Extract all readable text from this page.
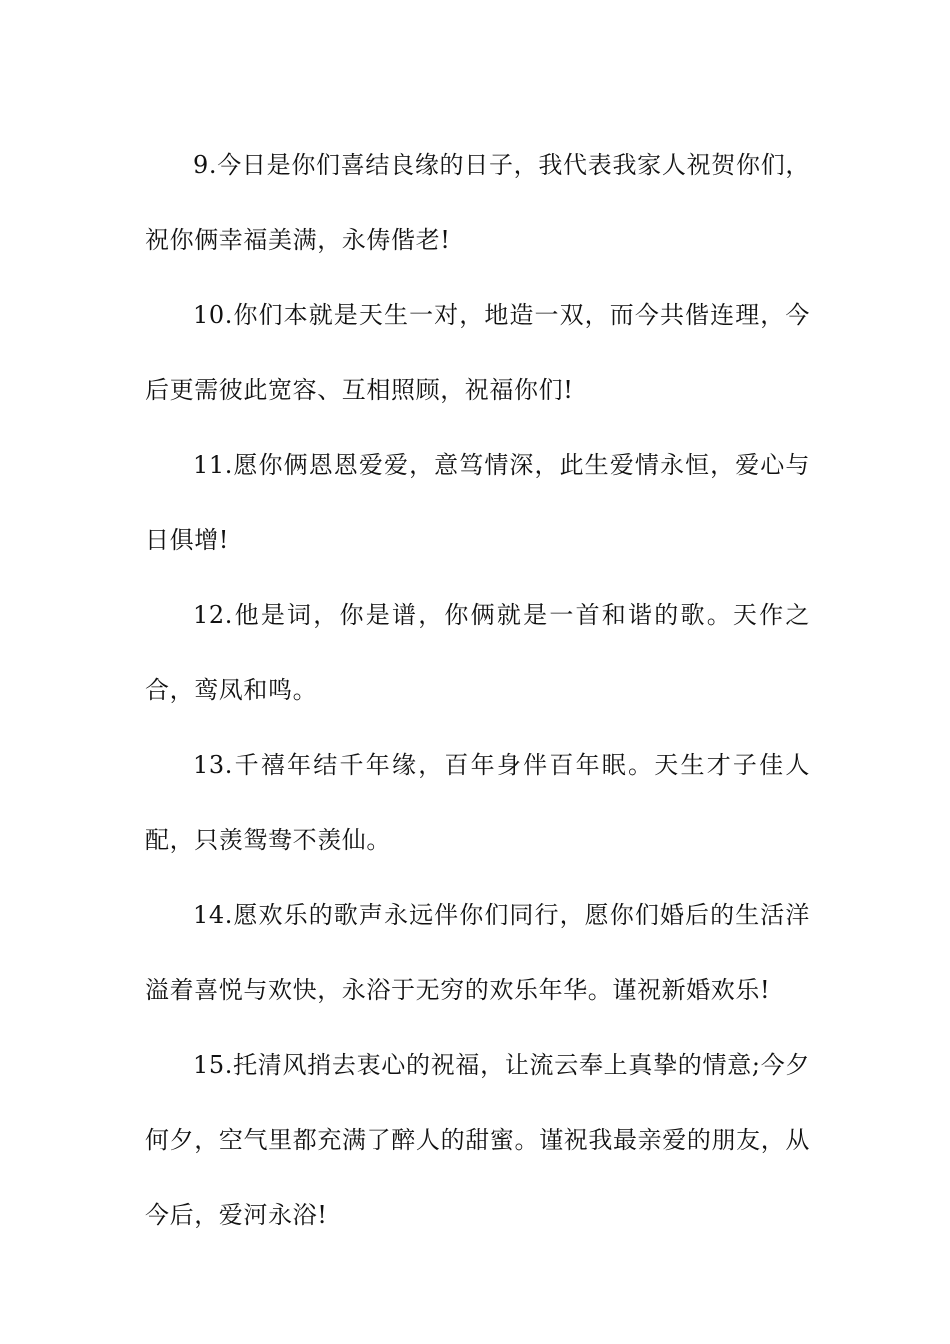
9.今日是你们喜结良缘的日子，我代表我家人祝贺你们，祝你俩幸福美满，永俦偕老!

10.你们本就是天生一对，地造一双，而今共偕连理，今后更需彼此宽容、互相照顾，祝福你们!

11.愿你俩恩恩爱爱，意笃情深，此生爱情永恒，爱心与日俱增!

12.他是词，你是谱，你俩就是一首和谐的歌。天作之合，鸾凤和鸣。

13.千禧年结千年缘，百年身伴百年眠。天生才子佳人配，只羡鸳鸯不羡仙。

14.愿欢乐的歌声永远伴你们同行，愿你们婚后的生活洋溢着喜悦与欢快，永浴于无穷的欢乐年华。谨祝新婚欢乐!

15.托清风捎去衷心的祝福，让流云奉上真挚的情意;今夕何夕，空气里都充满了醉人的甜蜜。谨祝我最亲爱的朋友，从今后，爱河永浴!
